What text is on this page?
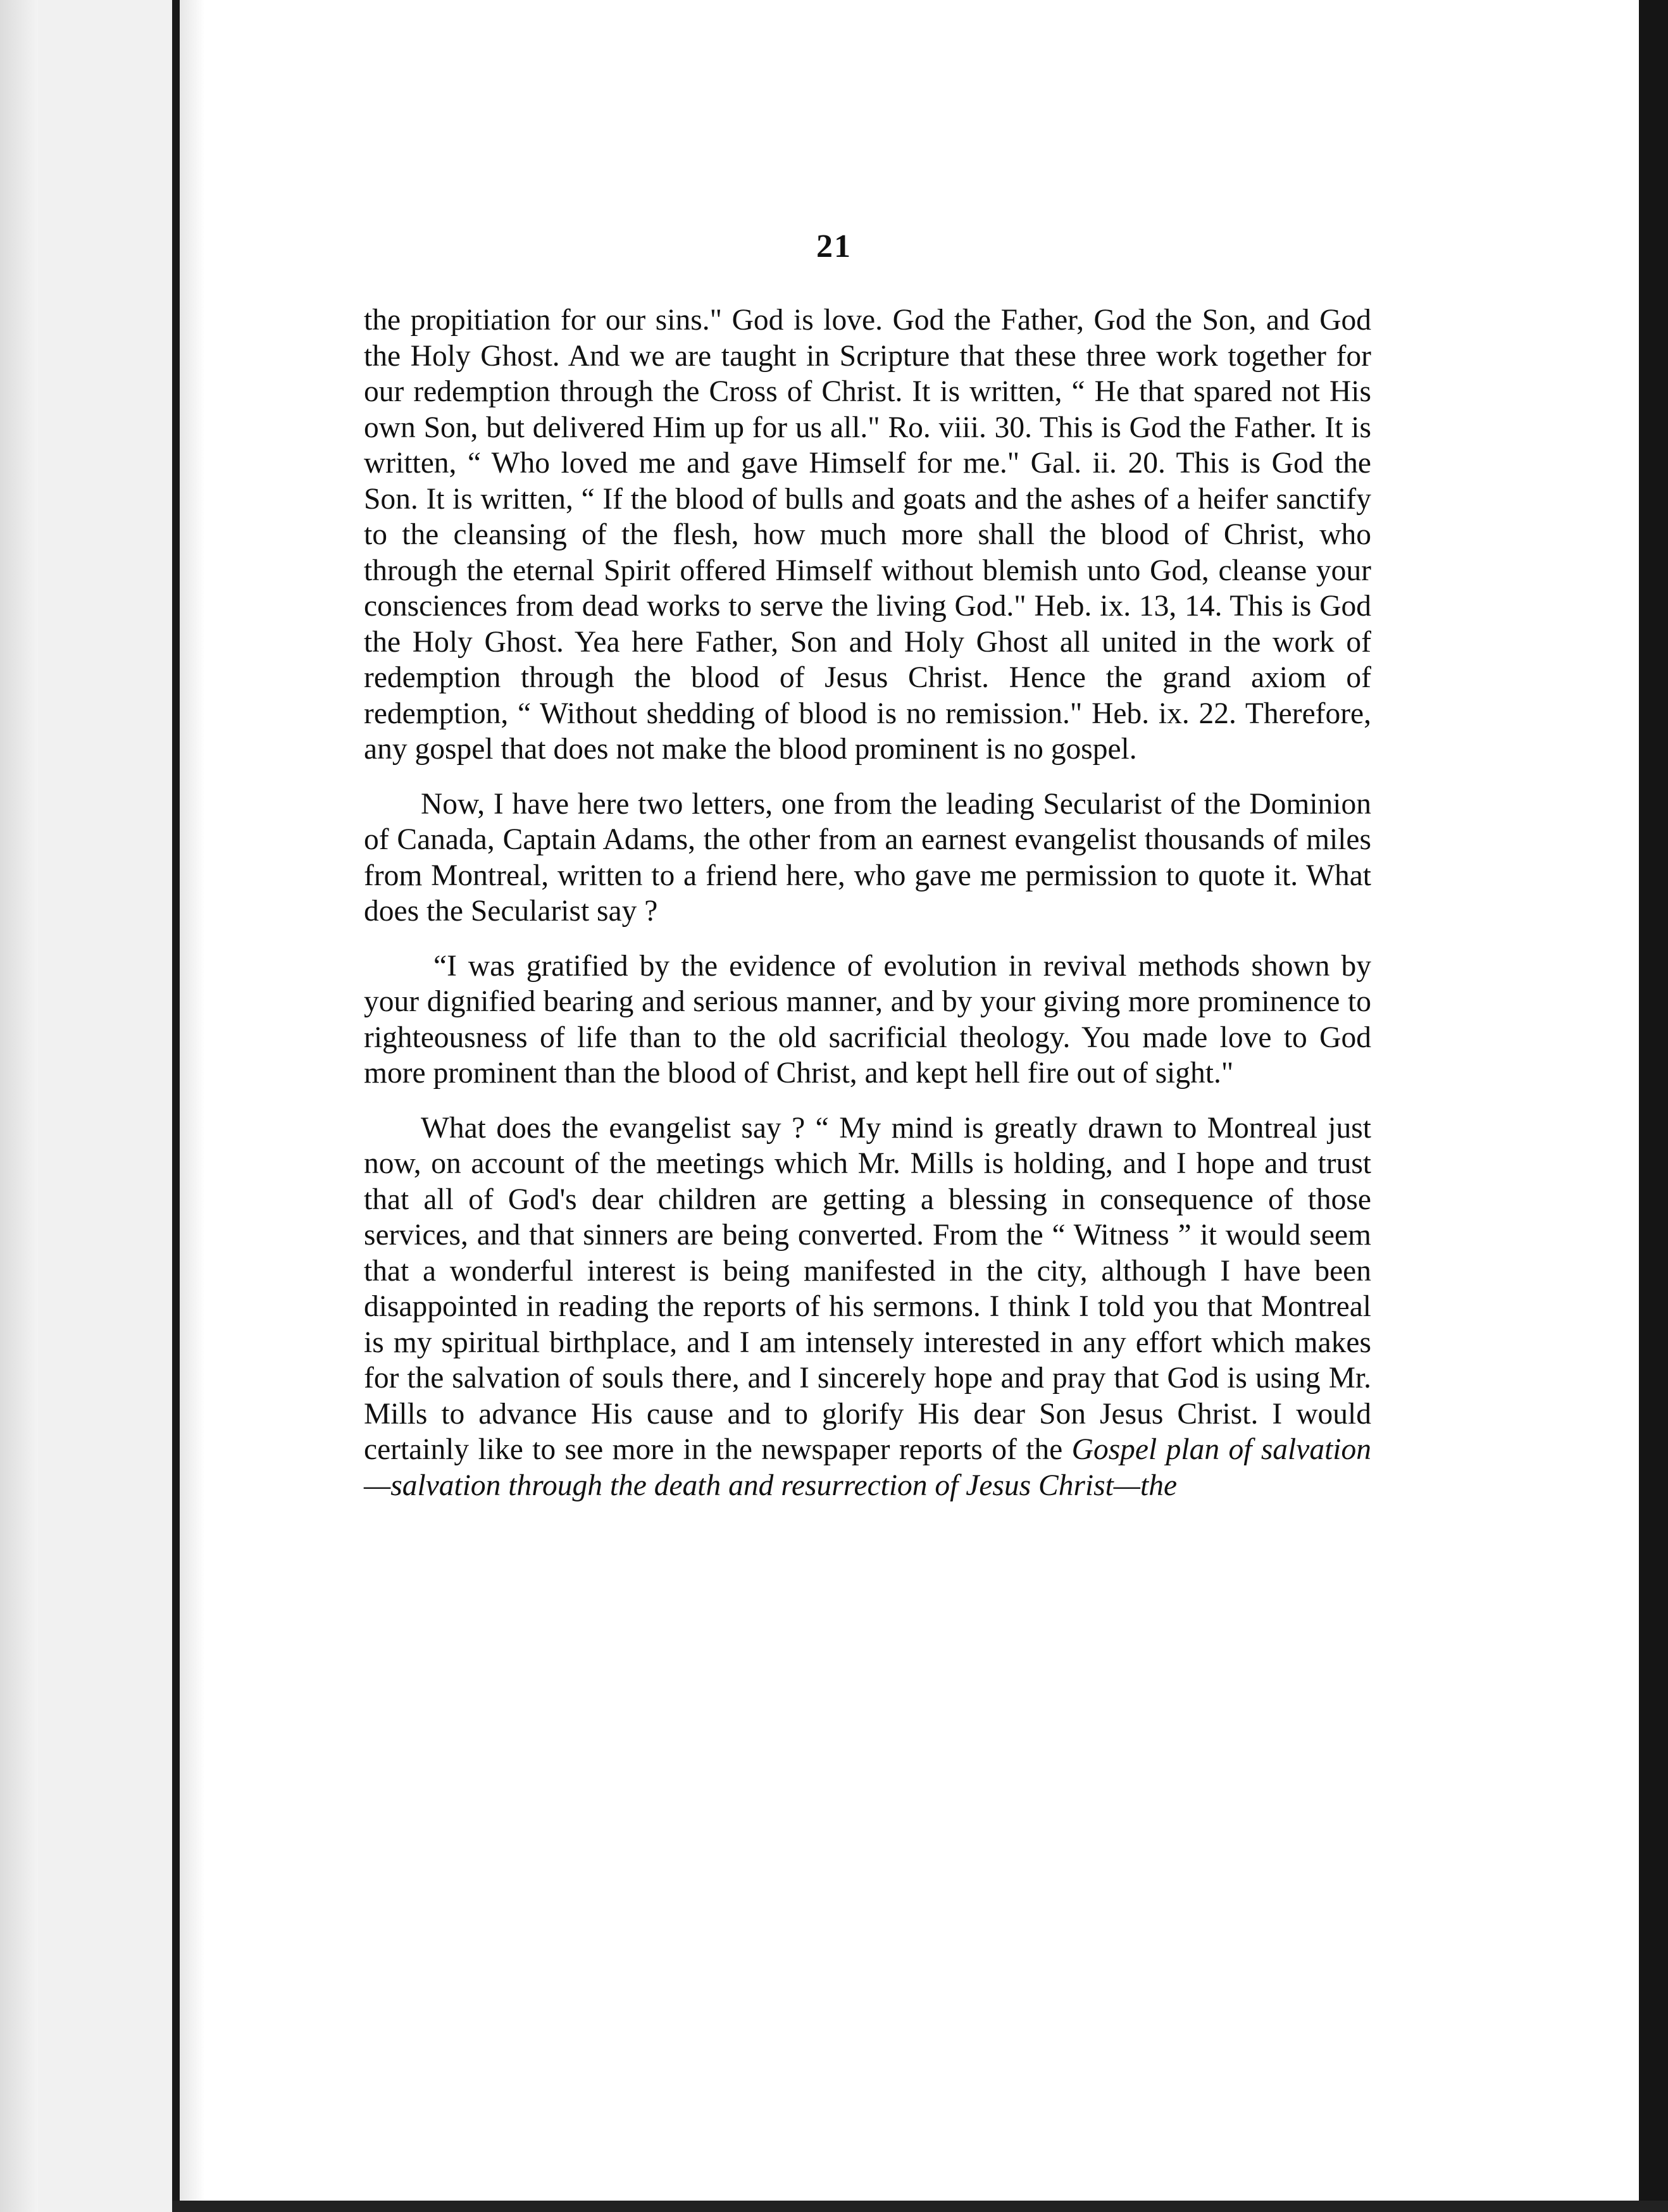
21

the propitiation for our sins." God is love. God the Father, God the Son, and God the Holy Ghost. And we are taught in Scripture that these three work together for our redemption through the Cross of Christ. It is written, “ He that spared not His own Son, but delivered Him up for us all." Ro. viii. 30. This is God the Father. It is written, “ Who loved me and gave Himself for me." Gal. ii. 20. This is God the Son. It is written, “ If the blood of bulls and goats and the ashes of a heifer sanctify to the cleansing of the flesh, how much more shall the blood of Christ, who through the eternal Spirit offered Himself without blemish unto God, cleanse your consciences from dead works to serve the living God." Heb. ix. 13, 14. This is God the Holy Ghost. Yea here Father, Son and Holy Ghost all united in the work of redemption through the blood of Jesus Christ. Hence the grand axiom of redemption, “ Without shedding of blood is no remission." Heb. ix. 22. Therefore, any gospel that does not make the blood prominent is no gospel.

Now, I have here two letters, one from the leading Secularist of the Dominion of Canada, Captain Adams, the other from an earnest evangelist thousands of miles from Montreal, written to a friend here, who gave me permission to quote it. What does the Secularist say ?

“I was gratified by the evidence of evolution in revival methods shown by your dignified bearing and serious manner, and by your giving more prominence to righteousness of life than to the old sacrificial theology. You made love to God more prominent than the blood of Christ, and kept hell fire out of sight."

What does the evangelist say ? “ My mind is greatly drawn to Montreal just now, on account of the meetings which Mr. Mills is holding, and I hope and trust that all of God's dear children are getting a blessing in consequence of those services, and that sinners are being converted. From the “ Witness ” it would seem that a wonderful interest is being manifested in the city, although I have been disappointed in reading the reports of his sermons. I think I told you that Montreal is my spiritual birthplace, and I am intensely interested in any effort which makes for the salvation of souls there, and I sincerely hope and pray that God is using Mr. Mills to advance His cause and to glorify His dear Son Jesus Christ. I would certainly like to see more in the newspaper reports of the Gospel plan of salvation—salvation through the death and resurrection of Jesus Christ—the
